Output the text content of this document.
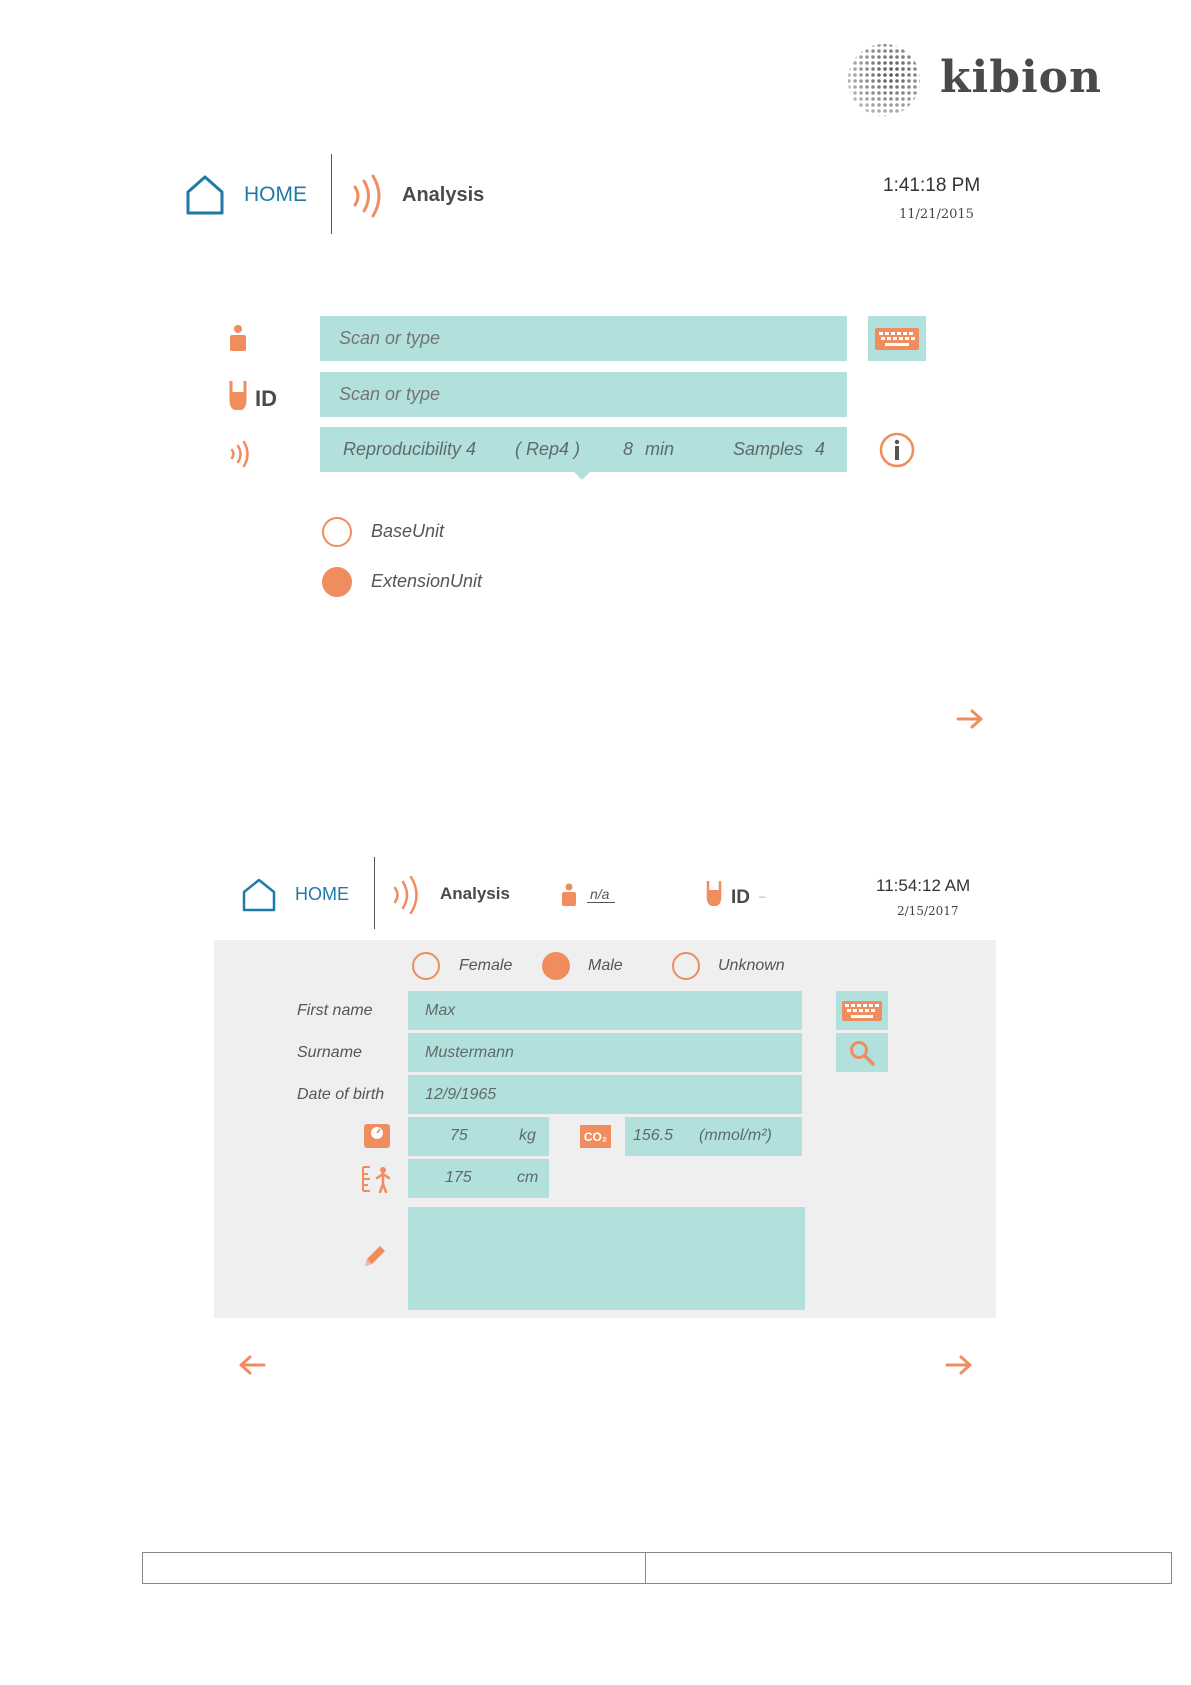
kibion
HOME	Analysis	1:41:18 PM
11/21/2015
Scan or type
ID
Scan or type
Reproducibility 4 ( Rep4 ) 8 min	Samples 4
BaseUnit
ExtensionUnit
HOME	Analysis	n/a	ID –
11:54:12 AM
2/15/2017
Female	Male	Unknown
First name	Max
Surname	Mustermann
Date of birth	12/9/1965
75	kg	CO₂ 156.5 (mmol/m²)
175	cm
